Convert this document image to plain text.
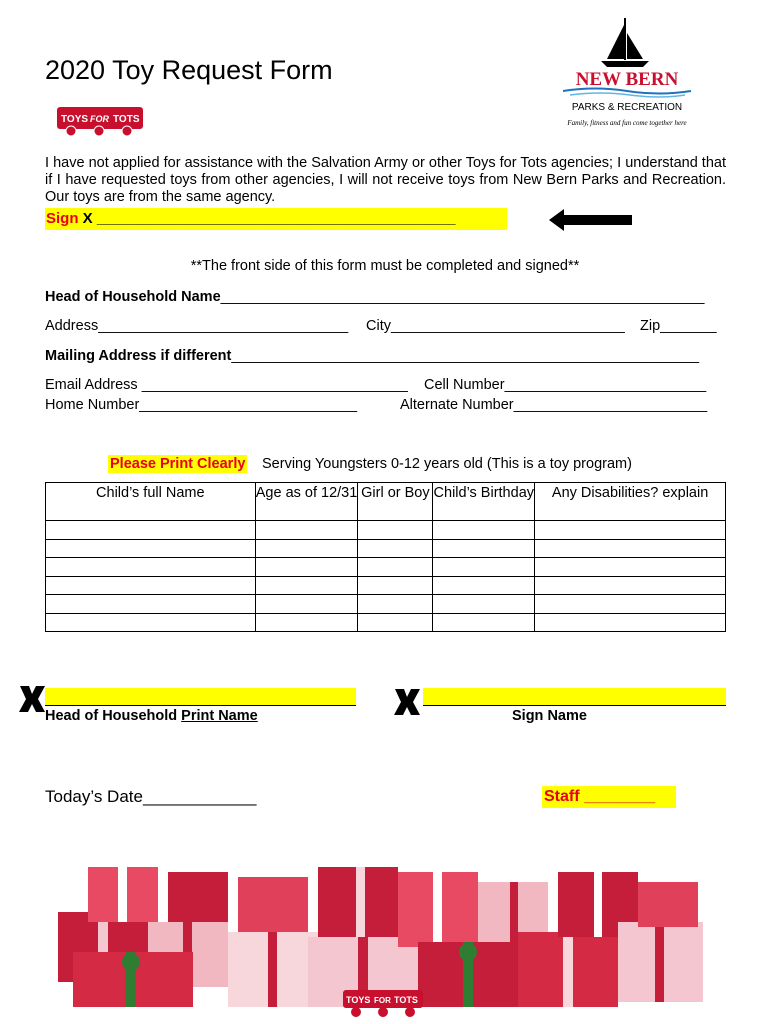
2020 Toy Request Form
TOYS FOR TOTS
NEW BERN
PARKS & RECREATION
Family, fitness and fun come together here
I have not applied for assistance with the Salvation Army or other Toys for Tots agencies; I understand that if I have requested toys from other agencies, I will not receive toys from New Bern Parks and Recreation. Our toys are from the same agency.
Sign X ___________________________________________
**The front side of this form must be completed and signed**
Head of Household Name____________________________________________________________
Address_______________________________ City_____________________________ Zip_______
Mailing Address if different__________________________________________________________
Email Address _________________________________ Cell Number_________________________
Home Number___________________________	Alternate Number________________________
Please Print Clearly Serving Youngsters 0-12 years old (This is a toy program)
Child’s full Name	Age as of 12/31	Girl or Boy	Child’s Birthday	Any Disabilities? explain

Head of Household Print Name	Sign Name
Today’s Date____________	Staff ________
TOYS FOR TOTS
